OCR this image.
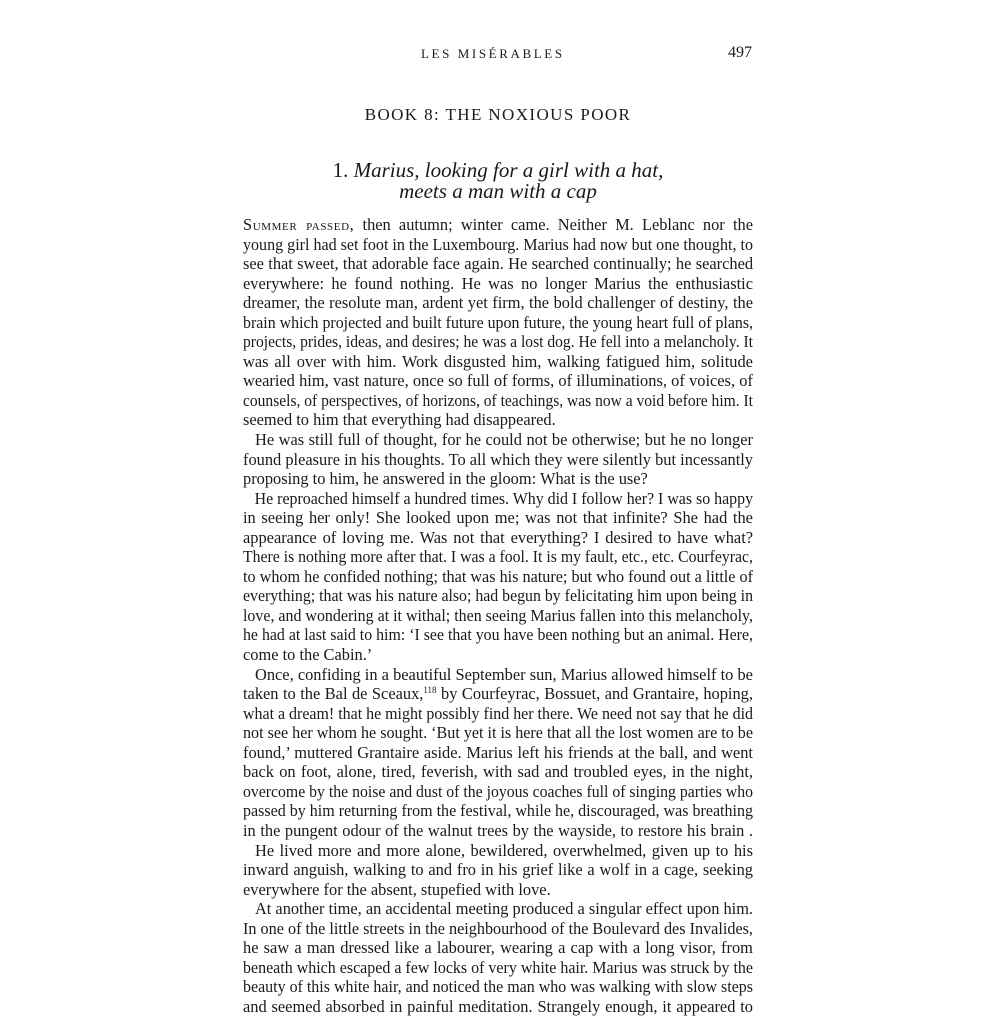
LES MISÉRABLES	497
BOOK 8: THE NOXIOUS POOR
1. Marius, looking for a girl with a hat,
meets a man with a cap
Summer passed, then autumn; winter came. Neither M. Leblanc nor the
young girl had set foot in the Luxembourg. Marius had now but one thought, to
see that sweet, that adorable face again. He searched continually; he searched
everywhere: he found nothing. He was no longer Marius the enthusiastic
dreamer, the resolute man, ardent yet firm, the bold challenger of destiny, the
brain which projected and built future upon future, the young heart full of plans,
projects, prides, ideas, and desires; he was a lost dog. He fell into a melancholy. It
was all over with him. Work disgusted him, walking fatigued him, solitude
wearied him, vast nature, once so full of forms, of illuminations, of voices, of
counsels, of perspectives, of horizons, of teachings, was now a void before him. It
seemed to him that everything had disappeared.
He was still full of thought, for he could not be otherwise; but he no longer
found pleasure in his thoughts. To all which they were silently but incessantly
proposing to him, he answered in the gloom: What is the use?
He reproached himself a hundred times. Why did I follow her? I was so happy
in seeing her only! She looked upon me; was not that infinite? She had the
appearance of loving me. Was not that everything? I desired to have what?
There is nothing more after that. I was a fool. It is my fault, etc., etc. Courfeyrac,
to whom he confided nothing; that was his nature; but who found out a little of
everything; that was his nature also; had begun by felicitating him upon being in
love, and wondering at it withal; then seeing Marius fallen into this melancholy,
he had at last said to him: ‘I see that you have been nothing but an animal. Here,
come to the Cabin.’
Once, confiding in a beautiful September sun, Marius allowed himself to be
taken to the Bal de Sceaux,$^{118}$ by Courfeyrac, Bossuet, and Grantaire, hoping,
what a dream! that he might possibly find her there. We need not say that he did
not see her whom he sought. ‘But yet it is here that all the lost women are to be
found,’ muttered Grantaire aside. Marius left his friends at the ball, and went
back on foot, alone, tired, feverish, with sad and troubled eyes, in the night,
overcome by the noise and dust of the joyous coaches full of singing parties who
passed by him returning from the festival, while he, discouraged, was breathing
in the pungent odour of the walnut trees by the wayside, to restore his brain .
He lived more and more alone, bewildered, overwhelmed, given up to his
inward anguish, walking to and fro in his grief like a wolf in a cage, seeking
everywhere for the absent, stupefied with love.
At another time, an accidental meeting produced a singular effect upon him.
In one of the little streets in the neighbourhood of the Boulevard des Invalides,
he saw a man dressed like a labourer, wearing a cap with a long visor, from
beneath which escaped a few locks of very white hair. Marius was struck by the
beauty of this white hair, and noticed the man who was walking with slow steps
and seemed absorbed in painful meditation. Strangely enough, it appeared to
